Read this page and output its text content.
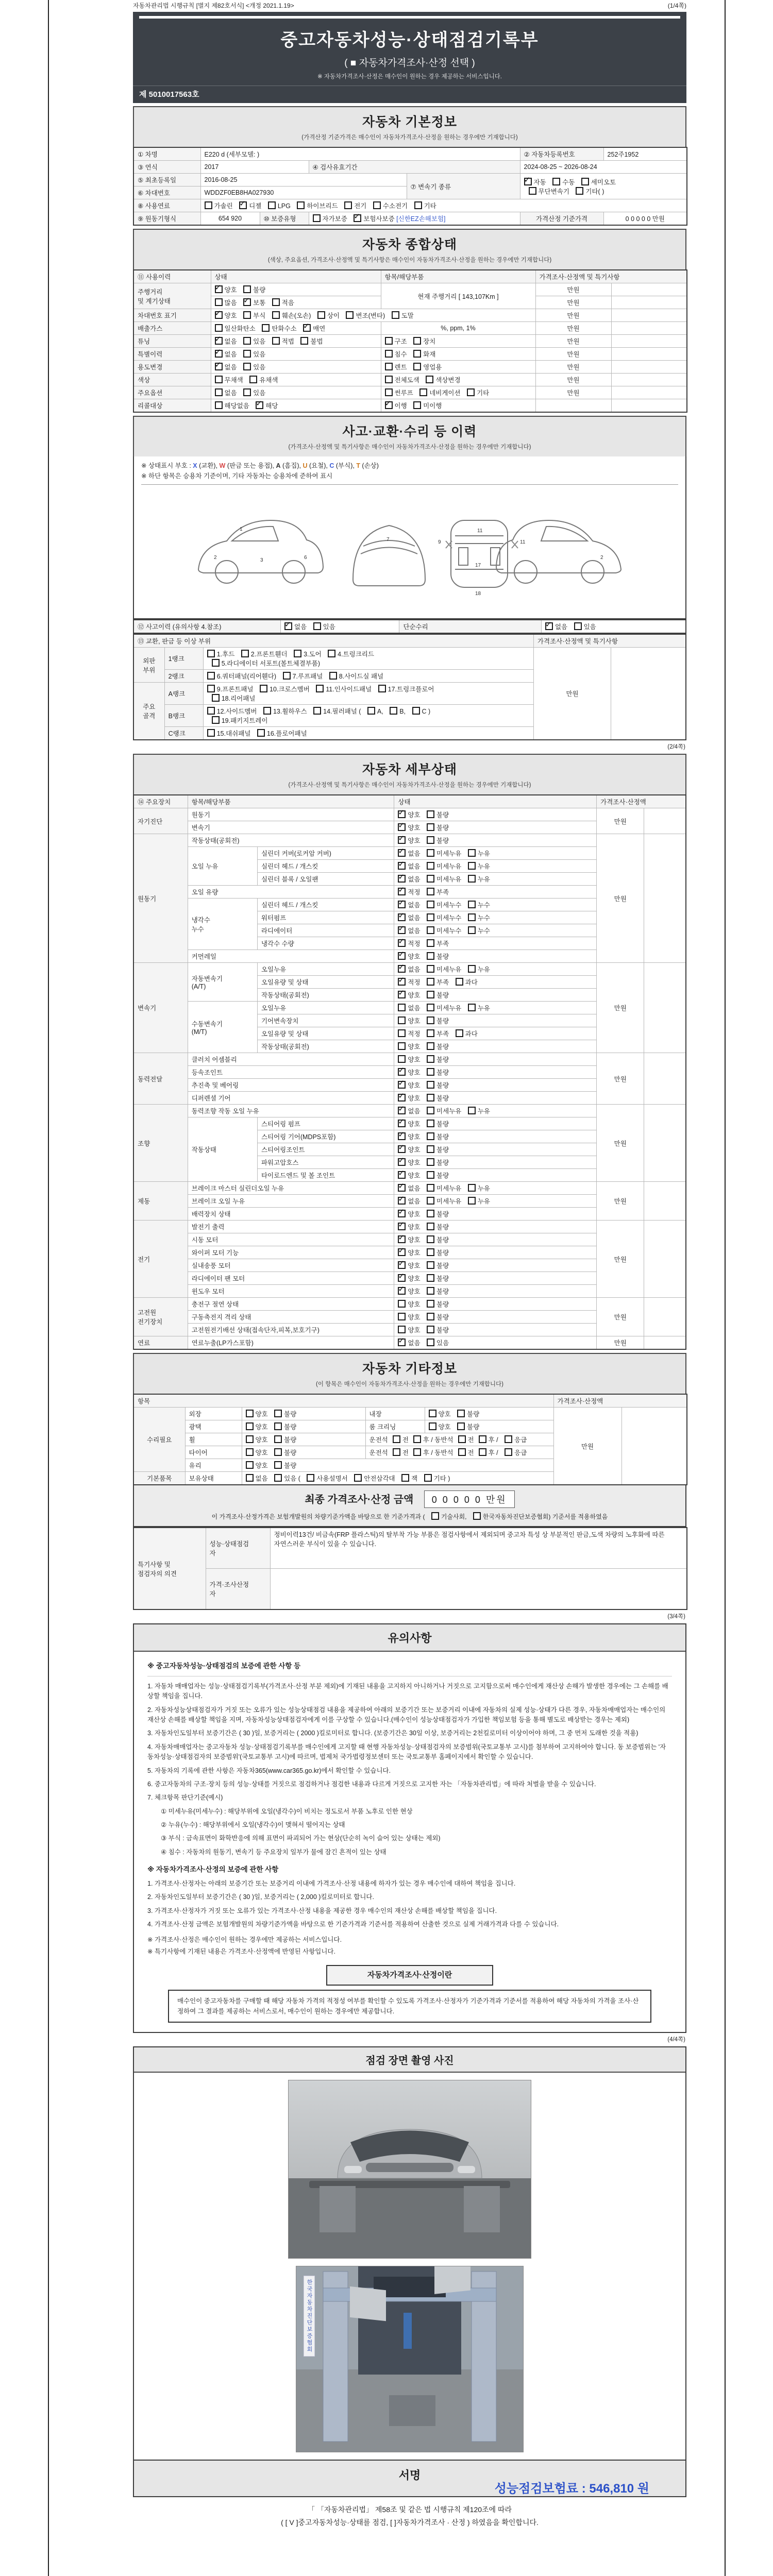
자동차관리법 시행규칙 [별지 제82호서식] <개정 2021.1.19>	(1/4쪽)
중고자동차성능·상태점검기록부
( ■ 자동차가격조사·산정 선택 )
※ 자동차가격조사·산정은 매수인이 원하는 경우 제공하는 서비스입니다.
제 5010017563호
자동차 기본정보
(가격산정 기준가격은 매수인이 자동차가격조사·산정을 원하는 경우에만 기재합니다)
① 차명	E220 d (세부모델: )				② 자동차등록번호	252주1952
③ 연식	2017		④ 검사유효기간		2024-08-25 ~ 2026-08-24	
⑤ 최초등록일	2016-08-25			⑦ 변속기 종류	✓자동 수동 세미오토
무단변속기 기타( )
⑥ 차대번호	WDDZF0EB8HA027930					
⑧ 사용연료	가솔린 ✓디젤 LPG 하이브리드 전기 수소전기 기타
⑨ 원동기형식	654 920	⑩ 보증유형	자가보증 ✓보험사보증 [신한EZ손해보험]		가격산정 기준가격	0 0 0 0 0 만원
자동차 종합상태
(색상, 주요옵션, 가격조사·산정액 및 특기사항은 매수인이 자동차가격조사·산정을 원하는 경우에만 기재합니다)
⑪ 사용이력	상태	항목/해당부품	가격조사·산정액 및 특기사항	
주행거리
및 계기상태	✓양호 불량	현재 주행거리 [ 143,107Km ]	만원	
	많음 ✓보통 적음		만원	
차대번호 표기	✓양호 부식 훼손(오손) 상이 변조(변타) 도말		만원	
배출가스	일산화탄소 탄화수소 ✓매연	%, ppm, 1%	만원	
튜닝	✓없음 있음 적법 불법	구조 장치	만원	
특별이력	✓없음 있음	침수 화재	만원	
용도변경	✓없음 있음	렌트 영업용	만원	
색상	무채색 유채색	전체도색 색상변경	만원	
주요옵션	없음 있음	썬루프 네비게이션 기타	만원	
리콜대상	해당없음 ✓해당	✓이행 미이행		
사고·교환·수리 등 이력
(가격조사·산정액 및 특기사항은 매수인이 자동차가격조사·산정을 원하는 경우에만 기재합니다)
※ 상태표시 부호 : X (교환), W (판금 또는 용접), A (흠집), U (요철), C (부식), T (손상)
※ 하단 항목은 승용차 기준이며, 기타 자동차는 승용차에 준하여 표시
1
2	3	6
7	9	11
11
17
18
2
⑫ 사고이력 (유의사항 4.참조)	✓없음 있음	단순수리	✓없음 있음
⑬ 교환, 판금 등 이상 부위			가격조사·산정액 및 특기사항	
외판
부위	1랭크	1.후드 2.프론트휀더 3.도어 4.트렁크리드
5.라디에이터 서포트(볼트체결부품)	만원	
	2랭크	6.쿼터패널(리어휀다) 7.루프패널 8.사이드실 패널		
주요
골격	A랭크	9.프론트패널 10.크로스멤버 11.인사이드패널 17.트렁크플로어
18.리어패널		
	B랭크	12.사이드멤버 13.휠하우스 14.필러패널 ( A, B, C )
19.패키지트레이		
	C랭크	15.대쉬패널 16.플로어패널		
(2/4쪽)
자동차 세부상태
(가격조사·산정액 및 특기사항은 매수인이 자동차가격조사·산정을 원하는 경우에만 기재합니다)
⑭ 주요장치	항목/해당부품		상태	가격조사·산정액	
자기진단	원동기	✓양호 불량	만원	
	변속기	✓양호 불량
원동기	작동상태(공회전)	✓양호 불량	만원	
	오일 누유	실린더 커버(로커암 커버)	✓없음 미세누유 누유
		실린더 헤드 / 개스킷	✓없음 미세누유 누유
		실린더 블록 / 오일팬	✓없음 미세누유 누유
	오일 유량	✓적정 부족
	냉각수
누수	실린더 헤드 / 개스킷	✓없음 미세누수 누수
		워터펌프	✓없음 미세누수 누수
		라디에이터	✓없음 미세누수 누수
		냉각수 수량	✓적정 부족
	커먼레일	✓양호 불량
변속기	자동변속기
(A/T)	오일누유	✓없음 미세누유 누유	만원	
		오일유량 및 상태	✓적정 부족 과다
		작동상태(공회전)	✓양호 불량
	수동변속기
(M/T)	오일누유	없음 미세누유 누유		
		기어변속장치	양호 불량		
		오일유량 및 상태	적정 부족 과다		
		작동상태(공회전)	양호 불량		
동력전달	클러치 어셈블리		양호 불량	만원	
	등속조인트	✓양호 불량
	추진축 및 베어링	✓양호 불량
	디퍼렌셜 기어	✓양호 불량
조향	동력조향 작동 오일 누유	✓없음 미세누유 누유	만원	
	작동상태	스티어링 펌프	✓양호 불량
		스티어링 기어(MDPS포함)	✓양호 불량
		스티어링조인트	✓양호 불량
		파워고압호스	✓양호 불량
		타이로드엔드 및 볼 조인트	✓양호 불량
제동	브레이크 마스터 실린더오일 누유	✓없음 미세누유 누유	만원	
	브레이크 오일 누유	✓없음 미세누유 누유
	배력장치 상태	✓양호 불량
전기	발전기 출력	✓양호 불량	만원	
	시동 모터	✓양호 불량
	와이퍼 모터 기능	✓양호 불량
	실내송풍 모터	✓양호 불량
	라디에이터 팬 모터	✓양호 불량
	윈도우 모터	✓양호 불량
고전원
전기장치	충전구 절연 상태		양호 불량	만원	
	구동축전지 격리 상태		양호 불량		
	고전원전기배선 상태(접속단자,피복,보호기구)		양호 불량		
연료	연료누출(LP가스포함)	✓없음 있음	만원	
자동차 기타정보
(이 항목은 매수인이 자동차가격조사·산정을 원하는 경우에만 기재합니다)
항목					가격조사·산정액	
수리필요	외장	양호 불량	내장	양호 불량	만원	
	광택	양호 불량	룸 크리닝	양호 불량		
	휠	양호 불량	운전석 전 후 / 동반석 전 후 / 응급			
	타이어	양호 불량	운전석 전 후 / 동반석 전 후 / 응급			
	유리	양호 불량				
기본품목	보유상태	없음 있음 ( 사용설명서 안전삼각대 잭 기타 )				
최종 가격조사·산정 금액 0 0 0 0 0 만원
이 가격조사·산정가격은 보험개발원의 차량기준가액을 바탕으로 한 기준가격과 ( 기술사회, 한국자동차진단보증협회) 기준서를 적용하였음
특기사항 및
점검자의 의견	성능·상태점검
자	정비이력13건/ 비금속(FRP 플라스틱)의 탈부착 가능 부품은 점검사항에서 제외되며 중고차 특성 상 부분적인 판금,도색 차량의 노후화에 따른 자연스러운 부식이 있을 수 있습니다.
	가격·조사산정
자	
(3/4쪽)
유의사항
※ 중고자동차성능·상태점검의 보증에 관한 사항 등
1. 자동차 매매업자는 성능·상태점검기록부(가격조사·산정 부분 제외)에 기재된 내용을 고지하지 아니하거나 거짓으로 고지함으로써 매수인에게 재산상 손해가 발생한 경우에는 그 손해를 배상할 책임을 집니다.
2. 자동차성능상태점검자가 거짓 또는 오류가 있는 성능상태점검 내용을 제공하여 아래의 보증기간 또는 보증거리 이내에 자동차의 실제 성능·상태가 다른 경우, 자동차매매업자는 매수인의 재산상 손해를 배상할 책임을 지며, 자동차성능상태점검자에게 이를 구상할 수 있습니다.(매수인이 성능상태점검자가 가입한 책임보험 등을 통해 별도로 배상받는 경우는 제외)
3. 자동차인도일부터 보증기간은 ( 30 )일, 보증거리는 ( 2000 )킬로미터로 합니다. (보증기간은 30일 이상, 보증거리는 2천킬로미터 이상이어야 하며, 그 중 먼저 도래한 것을 적용)
4. 자동차매매업자는 중고자동차 성능·상태점검기록부를 매수인에게 고지할 때 현행 자동차성능·상태점검자의 보증범위(국토교통부 고시)를 첨부하여 고지하여야 합니다. 동 보증범위는 '자동차성능·상태점검자의 보증범위'(국토교통부 고시)에 따르며, 법제처 국가법령정보센터 또는 국토교통부 홈페이지에서 확인할 수 있습니다.
5. 자동차의 기록에 관한 사항은 자동차365(www.car365.go.kr)에서 확인할 수 있습니다.
6. 중고자동차의 구조·장치 등의 성능·상태를 거짓으로 점검하거나 점검한 내용과 다르게 거짓으로 고지한 자는 「자동차관리법」에 따라 처벌을 받을 수 있습니다.
7. 체크항목 판단기준(예시)
① 미세누유(미세누수) : 해당부위에 오일(냉각수)이 비치는 정도로서 부품 노후로 인한 현상
② 누유(누수) : 해당부위에서 오일(냉각수)이 맺혀서 떨어지는 상태
③ 부식 : 금속표면이 화학반응에 의해 표면이 파괴되어 가는 현상(단순히 녹이 슬어 있는 상태는 제외)
④ 침수 : 자동차의 원동기, 변속기 등 주요장치 일부가 물에 잠긴 흔적이 있는 상태
※ 자동차가격조사·산정의 보증에 관한 사항
1. 가격조사·산정자는 아래의 보증기간 또는 보증거리 이내에 가격조사·산정 내용에 하자가 있는 경우 매수인에 대하여 책임을 집니다.
2. 자동차인도일부터 보증기간은 ( 30 )일, 보증거리는 ( 2,000 )킬로미터로 합니다.
3. 가격조사·산정자가 거짓 또는 오류가 있는 가격조사·산정 내용을 제공한 경우 매수인의 재산상 손해를 배상할 책임을 집니다.
4. 가격조사·산정 금액은 보험개발원의 차량기준가액을 바탕으로 한 기준가격과 기준서를 적용하여 산출한 것으로 실제 거래가격과 다를 수 있습니다.
※ 가격조사·산정은 매수인이 원하는 경우에만 제공하는 서비스입니다.
※ 특기사항에 기재된 내용은 가격조사·산정액에 반영된 사항입니다.
자동차가격조사·산정이란
매수인이 중고자동차를 구매할 때 해당 자동차 가격의 적정성 여부를 확인할 수 있도록 가격조사·산정자가 기준가격과 기준서를 적용하여 해당 자동차의 가격을 조사·산정하여 그 결과를 제공하는 서비스로서, 매수인이 원하는 경우에만 제공합니다.
(4/4쪽)
점검 장면 촬영 사진
한국자동차진단보증협회
서명
성능점검보험료 : 546,810 원
「 「자동차관리법」 제58조 및 같은 법 시행규칙 제120조에 따라
( [ V ]중고자동차성능·상태를 점검, [ ]자동차가격조사 · 산정 ) 하였음을 확인합니다.
